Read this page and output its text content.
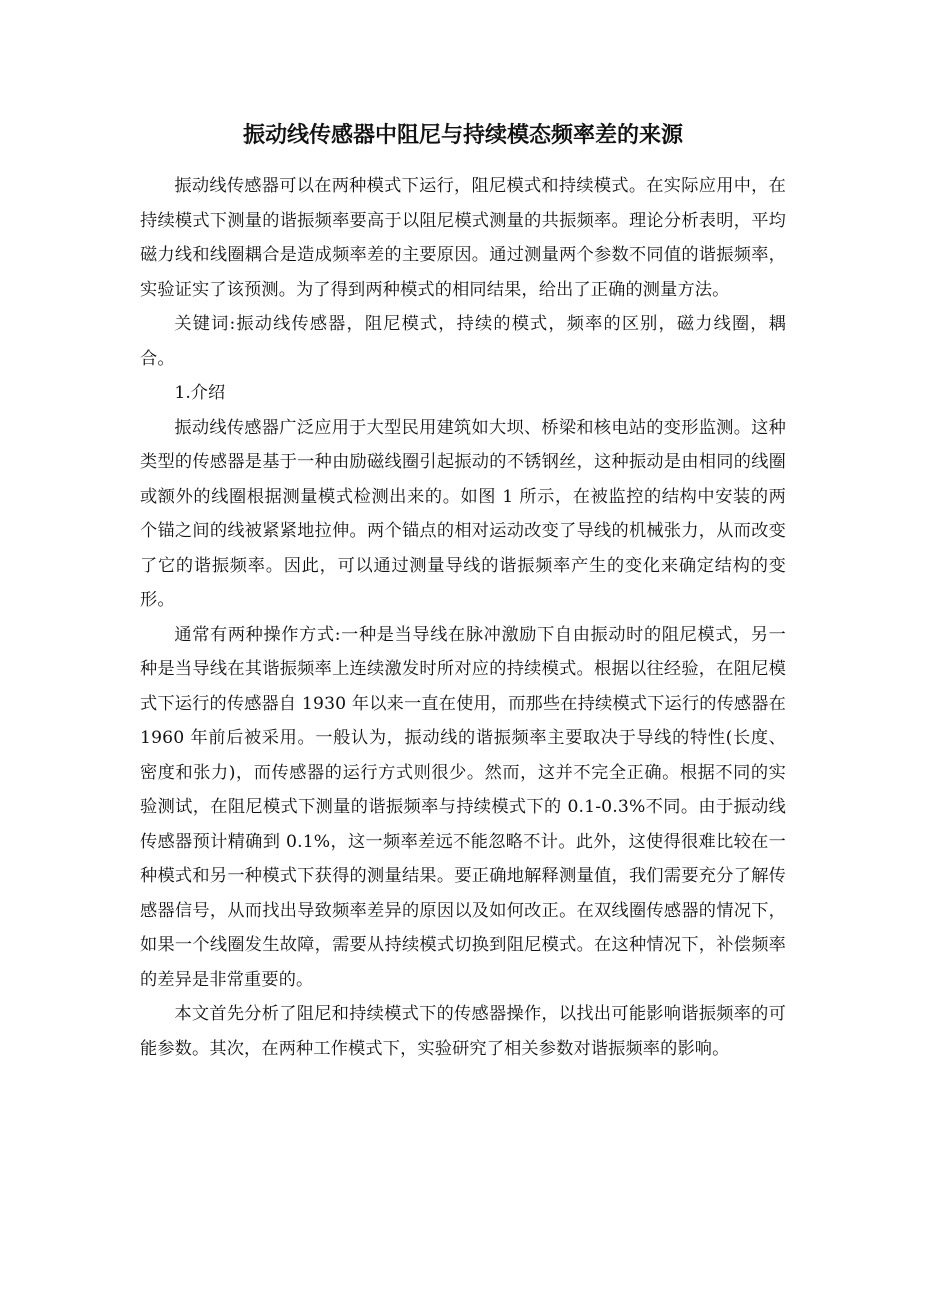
振动线传感器中阻尼与持续模态频率差的来源

振动线传感器可以在两种模式下运行，阻尼模式和持续模式。在实际应用中，在持续模式下测量的谐振频率要高于以阻尼模式测量的共振频率。理论分析表明，平均磁力线和线圈耦合是造成频率差的主要原因。通过测量两个参数不同值的谐振频率，实验证实了该预测。为了得到两种模式的相同结果，给出了正确的测量方法。

关键词:振动线传感器，阻尼模式，持续的模式，频率的区别，磁力线圈，耦合。

1.介绍

振动线传感器广泛应用于大型民用建筑如大坝、桥梁和核电站的变形监测。这种类型的传感器是基于一种由励磁线圈引起振动的不锈钢丝，这种振动是由相同的线圈或额外的线圈根据测量模式检测出来的。如图 1 所示，在被监控的结构中安装的两个锚之间的线被紧紧地拉伸。两个锚点的相对运动改变了导线的机械张力，从而改变了它的谐振频率。因此，可以通过测量导线的谐振频率产生的变化来确定结构的变形。

通常有两种操作方式:一种是当导线在脉冲激励下自由振动时的阻尼模式，另一种是当导线在其谐振频率上连续激发时所对应的持续模式。根据以往经验，在阻尼模式下运行的传感器自 1930 年以来一直在使用，而那些在持续模式下运行的传感器在 1960 年前后被采用。一般认为，振动线的谐振频率主要取决于导线的特性(长度、密度和张力)，而传感器的运行方式则很少。然而，这并不完全正确。根据不同的实验测试，在阻尼模式下测量的谐振频率与持续模式下的 0.1-0.3%不同。由于振动线传感器预计精确到 0.1%，这一频率差远不能忽略不计。此外，这使得很难比较在一种模式和另一种模式下获得的测量结果。要正确地解释测量值，我们需要充分了解传感器信号，从而找出导致频率差异的原因以及如何改正。在双线圈传感器的情况下，如果一个线圈发生故障，需要从持续模式切换到阻尼模式。在这种情况下，补偿频率的差异是非常重要的。

本文首先分析了阻尼和持续模式下的传感器操作，以找出可能影响谐振频率的可能参数。其次，在两种工作模式下，实验研究了相关参数对谐振频率的影响。
